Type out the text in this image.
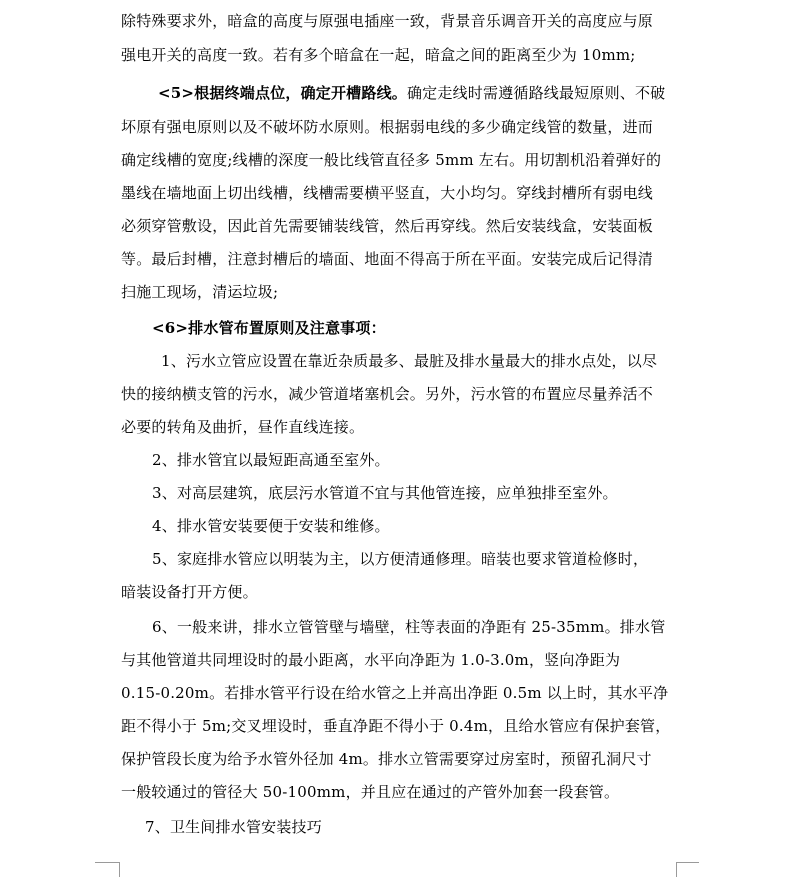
除特殊要求外，暗盒的高度与原强电插座一致，背景音乐调音开关的高度应与原
强电开关的高度一致。若有多个暗盒在一起，暗盒之间的距离至少为 10mm;
<5>根据终端点位，确定开槽路线。确定走线时需遵循路线最短原则、不破
坏原有强电原则以及不破坏防水原则。根据弱电线的多少确定线管的数量，进而
确定线槽的宽度;线槽的深度一般比线管直径多 5mm 左右。用切割机沿着弹好的
墨线在墙地面上切出线槽，线槽需要横平竖直，大小均匀。穿线封槽所有弱电线
必须穿管敷设，因此首先需要铺装线管，然后再穿线。然后安装线盒，安装面板
等。最后封槽，注意封槽后的墙面、地面不得高于所在平面。安装完成后记得清
扫施工现场，清运垃圾;
<6>排水管布置原则及注意事项：
1、污水立管应设置在靠近杂质最多、最脏及排水量最大的排水点处，以尽
快的接纳横支管的污水，减少管道堵塞机会。另外，污水管的布置应尽量养活不
必要的转角及曲折，昼作直线连接。
2、排水管宜以最短距高通至室外。
3、对高层建筑，底层污水管道不宜与其他管连接，应单独排至室外。
4、排水管安装要便于安装和维修。
5、家庭排水管应以明装为主，以方便清通修理。暗装也要求管道检修时，
暗装设备打开方便。
6、一般来讲，排水立管管壁与墙壁，柱等表面的净距有 25-35mm。排水管
与其他管道共同埋设时的最小距离，水平向净距为 1.0-3.0m，竖向净距为
0.15-0.20m。若排水管平行设在给水管之上并高出净距 0.5m 以上时，其水平净
距不得小于 5m;交叉埋设时，垂直净距不得小于 0.4m，且给水管应有保护套管，
保护管段长度为给予水管外径加 4m。排水立管需要穿过房室时，预留孔洞尺寸
一般较通过的管径大 50-100mm，并且应在通过的产管外加套一段套管。
7、卫生间排水管安装技巧
